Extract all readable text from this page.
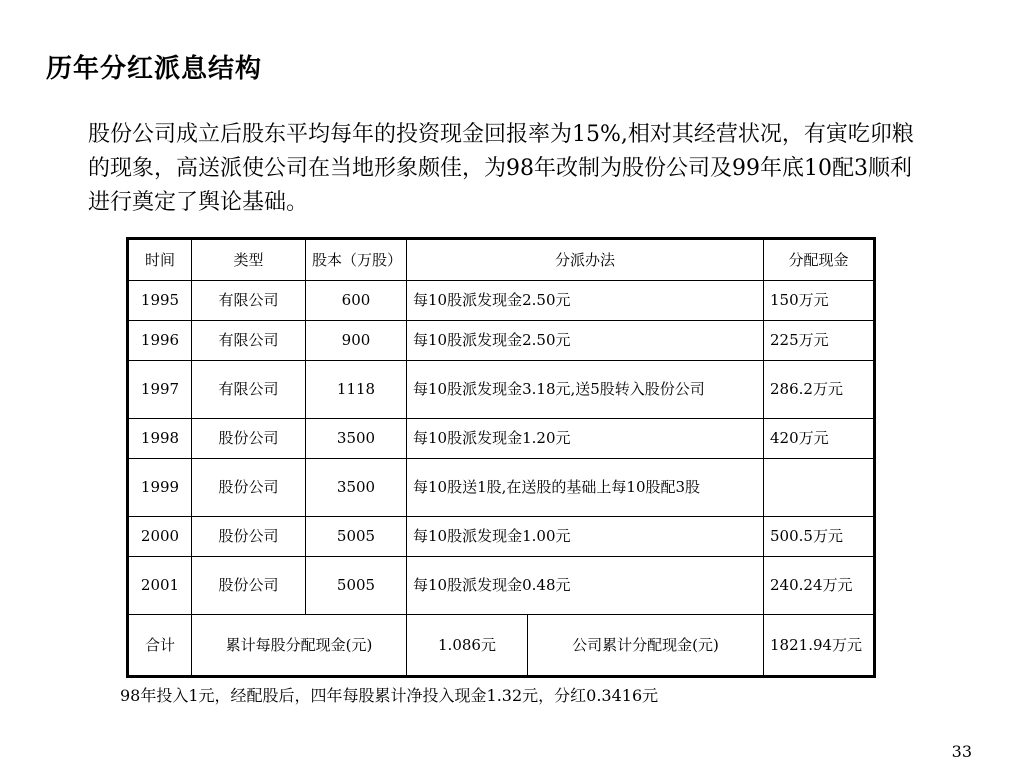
历年分红派息结构
股份公司成立后股东平均每年的投资现金回报率为15%,相对其经营状况，有寅吃卯粮的现象，高送派使公司在当地形象颇佳，为98年改制为股份公司及99年底10配3顺利进行奠定了舆论基础。
时间	类型	股本（万股）	分派办法		分配现金
1995	有限公司	600	每10股派发现金2.50元		150万元
1996	有限公司	900	每10股派发现金2.50元		225万元
1997	有限公司	1118	每10股派发现金3.18元,送5股转入股份公司		286.2万元
1998	股份公司	3500	每10股派发现金1.20元		420万元
1999	股份公司	3500	每10股送1股,在送股的基础上每10股配3股		
2000	股份公司	5005	每10股派发现金1.00元		500.5万元
2001	股份公司	5005	每10股派发现金0.48元		240.24万元
合计	累计每股分配现金(元)		1.086元	公司累计分配现金(元)	1821.94万元
98年投入1元，经配股后，四年每股累计净投入现金1.32元，分红0.3416元
33
